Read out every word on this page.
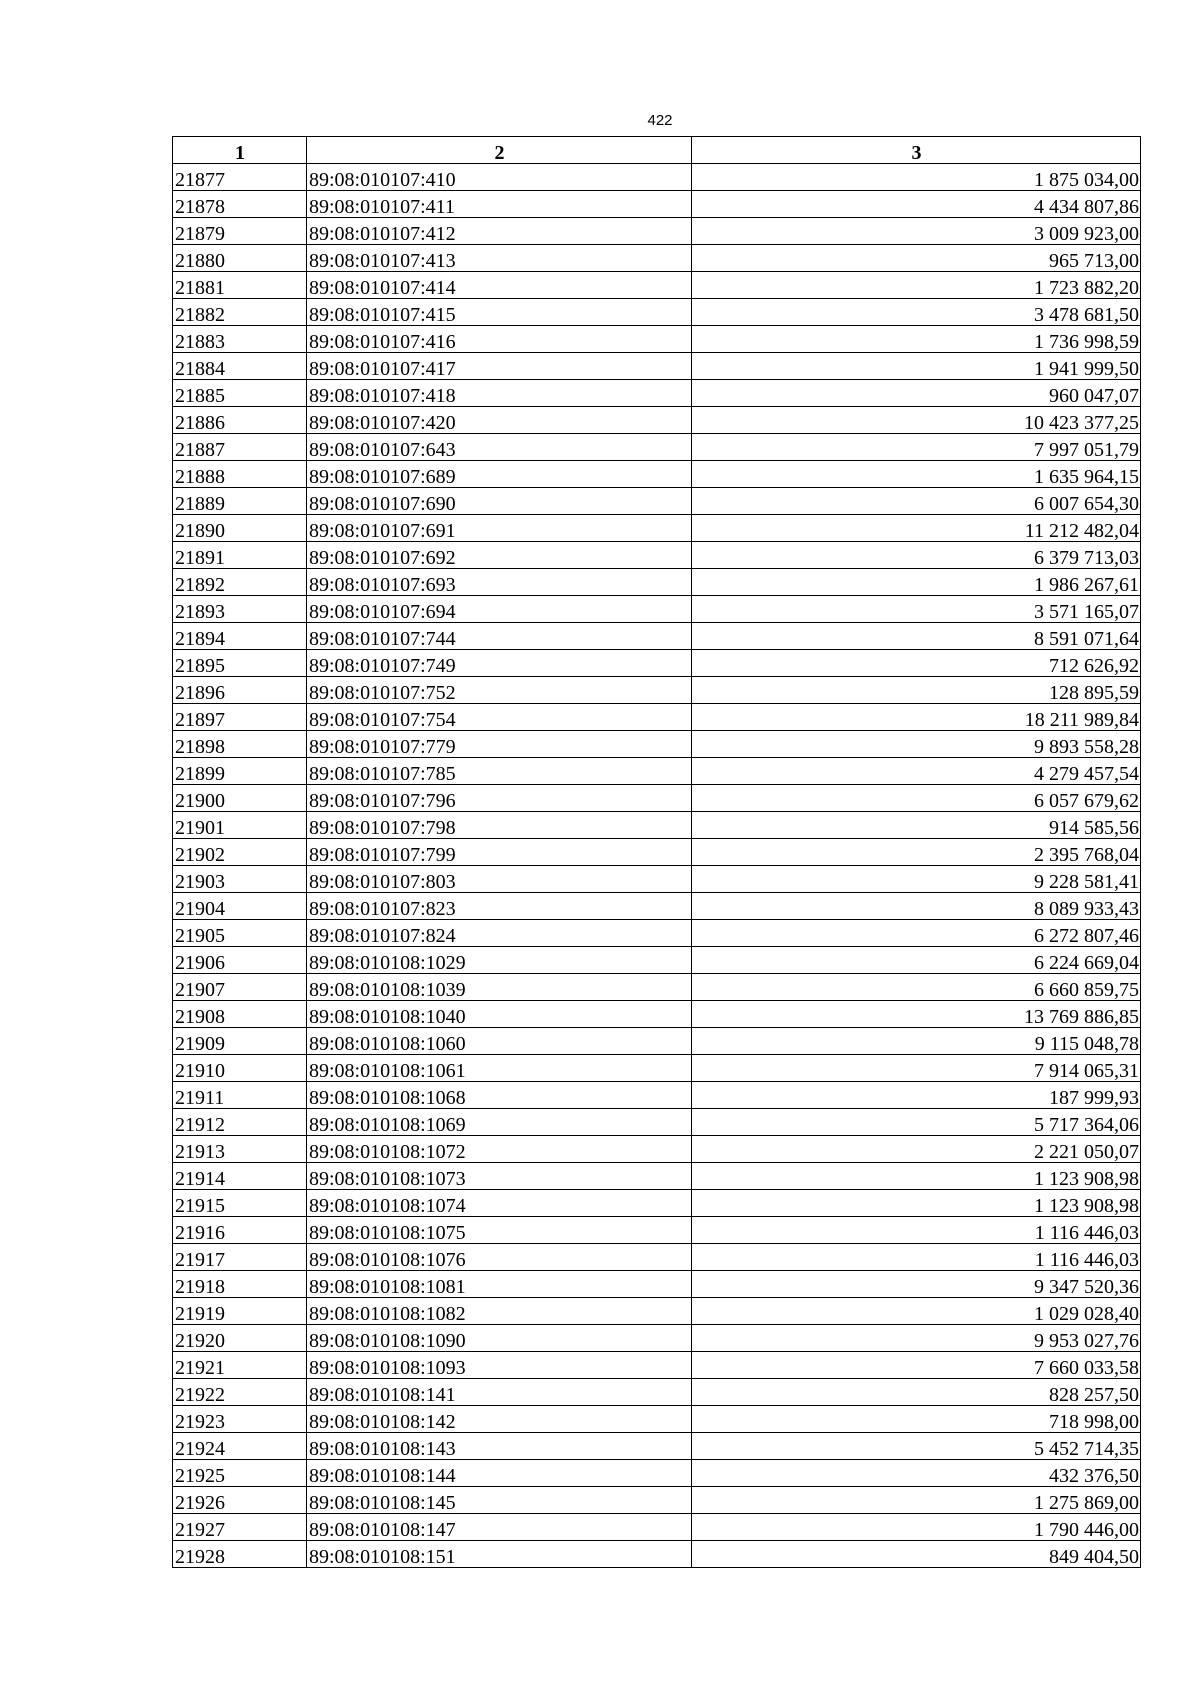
422
1	2	3
21877	89:08:010107:410	1 875 034,00
21878	89:08:010107:411	4 434 807,86
21879	89:08:010107:412	3 009 923,00
21880	89:08:010107:413	965 713,00
21881	89:08:010107:414	1 723 882,20
21882	89:08:010107:415	3 478 681,50
21883	89:08:010107:416	1 736 998,59
21884	89:08:010107:417	1 941 999,50
21885	89:08:010107:418	960 047,07
21886	89:08:010107:420	10 423 377,25
21887	89:08:010107:643	7 997 051,79
21888	89:08:010107:689	1 635 964,15
21889	89:08:010107:690	6 007 654,30
21890	89:08:010107:691	11 212 482,04
21891	89:08:010107:692	6 379 713,03
21892	89:08:010107:693	1 986 267,61
21893	89:08:010107:694	3 571 165,07
21894	89:08:010107:744	8 591 071,64
21895	89:08:010107:749	712 626,92
21896	89:08:010107:752	128 895,59
21897	89:08:010107:754	18 211 989,84
21898	89:08:010107:779	9 893 558,28
21899	89:08:010107:785	4 279 457,54
21900	89:08:010107:796	6 057 679,62
21901	89:08:010107:798	914 585,56
21902	89:08:010107:799	2 395 768,04
21903	89:08:010107:803	9 228 581,41
21904	89:08:010107:823	8 089 933,43
21905	89:08:010107:824	6 272 807,46
21906	89:08:010108:1029	6 224 669,04
21907	89:08:010108:1039	6 660 859,75
21908	89:08:010108:1040	13 769 886,85
21909	89:08:010108:1060	9 115 048,78
21910	89:08:010108:1061	7 914 065,31
21911	89:08:010108:1068	187 999,93
21912	89:08:010108:1069	5 717 364,06
21913	89:08:010108:1072	2 221 050,07
21914	89:08:010108:1073	1 123 908,98
21915	89:08:010108:1074	1 123 908,98
21916	89:08:010108:1075	1 116 446,03
21917	89:08:010108:1076	1 116 446,03
21918	89:08:010108:1081	9 347 520,36
21919	89:08:010108:1082	1 029 028,40
21920	89:08:010108:1090	9 953 027,76
21921	89:08:010108:1093	7 660 033,58
21922	89:08:010108:141	828 257,50
21923	89:08:010108:142	718 998,00
21924	89:08:010108:143	5 452 714,35
21925	89:08:010108:144	432 376,50
21926	89:08:010108:145	1 275 869,00
21927	89:08:010108:147	1 790 446,00
21928	89:08:010108:151	849 404,50
